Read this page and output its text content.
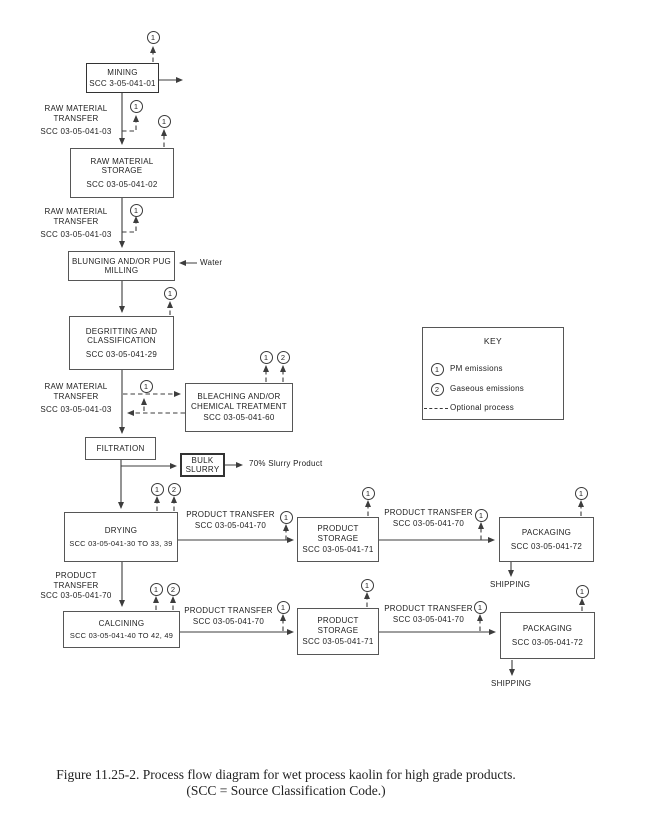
MINING
SCC 3-05-041-01
RAW MATERIAL
STORAGE
SCC 03-05-041-02
BLUNGING AND/OR PUG
MILLING
DEGRITTING AND
CLASSIFICATION
SCC 03-05-041-29
BLEACHING AND/OR
CHEMICAL TREATMENT
SCC 03-05-041-60
FILTRATION
BULK
SLURRY
DRYING
SCC 03-05-041-30 TO 33, 39
PRODUCT
STORAGE
SCC 03-05-041-71
PACKAGING
SCC 03-05-041-72
CALCINING
SCC 03-05-041-40 TO 42, 49
PRODUCT
STORAGE
SCC 03-05-041-71
PACKAGING
SCC 03-05-041-72
1
1
1
1
1
1
1	2
1	2
1
1
1
1
1	2
1
1
1
1
RAW MATERIAL
TRANSFER
SCC 03-05-041-03
RAW MATERIAL
TRANSFER
SCC 03-05-041-03
RAW MATERIAL
TRANSFER
SCC 03-05-041-03
PRODUCT
TRANSFER
SCC 03-05-041-70
PRODUCT TRANSFER
SCC 03-05-041-70
PRODUCT TRANSFER
SCC 03-05-041-70
PRODUCT TRANSFER
SCC 03-05-041-70
PRODUCT TRANSFER
SCC 03-05-041-70
Water
70% Slurry Product
SHIPPING
SHIPPING
KEY
1	PM emissions
2	Gaseous emissions
Optional process
Figure 11.25-2. Process flow diagram for wet process kaolin for high grade products.
(SCC = Source Classification Code.)
